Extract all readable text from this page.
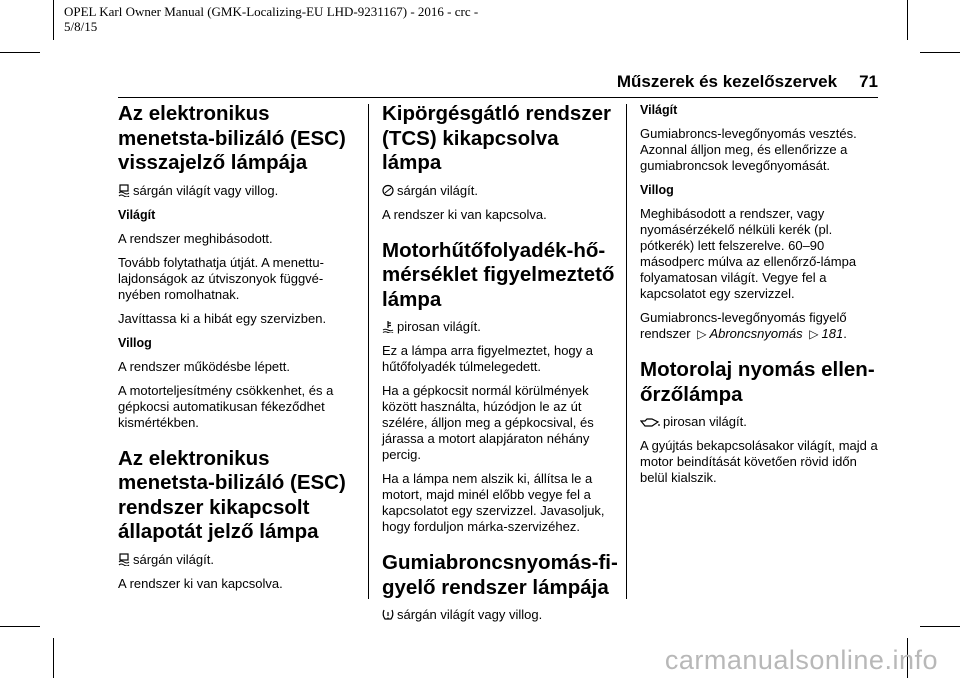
OPEL Karl Owner Manual (GMK-Localizing-EU LHD-9231167) - 2016 - crc -
5/8/15
Műszerek és kezelőszervek 71
Az elektronikus menetsta-bilizáló (ESC) visszajelző lámpája

sárgán világít vagy villog.

Világít

A rendszer meghibásodott.

Tovább folytathatja útját. A menettu-lajdonságok az útviszonyok függvé-nyében romolhatnak.

Javíttassa ki a hibát egy szervizben.

Villog

A rendszer működésbe lépett.

A motorteljesítmény csökkenhet, és a gépkocsi automatikusan fékeződhet kismértékben.

Az elektronikus menetsta-bilizáló (ESC) rendszer kikapcsolt állapotát jelző lámpa

sárgán világít.

A rendszer ki van kapcsolva.

Kipörgésgátló rendszer (TCS) kikapcsolva lámpa

sárgán világít.

A rendszer ki van kapcsolva.

Motorhűtőfolyadék-hő-mérséklet figyelmeztető lámpa

pirosan világít.

Ez a lámpa arra figyelmeztet, hogy a hűtőfolyadék túlmelegedett.

Ha a gépkocsit normál körülmények között használta, húzódjon le az út szélére, álljon meg a gépkocsival, és járassa a motort alapjáraton néhány percig.

Ha a lámpa nem alszik ki, állítsa le a motort, majd minél előbb vegye fel a kapcsolatot egy szervizzel. Javasoljuk, hogy forduljon márka-szervizéhez.

Gumiabroncsnyomás-fi-gyelő rendszer lámpája

sárgán világít vagy villog.

Világít

Gumiabroncs-levegőnyomás vesztés. Azonnal álljon meg, és ellenőrizze a gumiabroncsok levegőnyomását.

Villog

Meghibásodott a rendszer, vagy nyomásérzékelő nélküli kerék (pl. pótkerék) lett felszerelve. 60–90 másodperc múlva az ellenőrző-lámpa folyamatosan világít. Vegye fel a kapcsolatot egy szervizzel.

Gumiabroncs-levegőnyomás figyelő rendszer ▷ Abroncsnyomás ▷ 181.

Motorolaj nyomás ellen-őrzőlámpa

pirosan világít.

A gyújtás bekapcsolásakor világít, majd a motor beindítását követően rövid időn belül kialszik.

carmanualsonline.info
